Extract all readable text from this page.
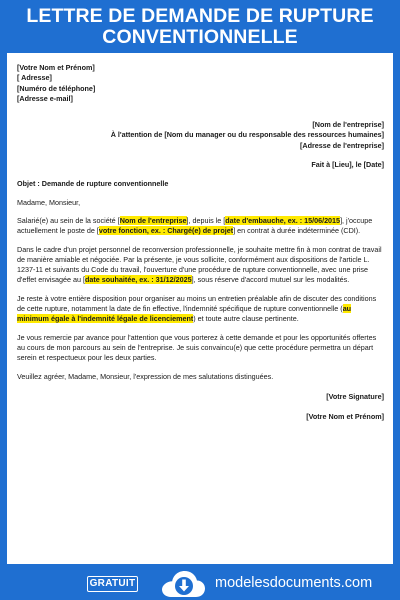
LETTRE DE DEMANDE DE RUPTURE
CONVENTIONNELLE
[Votre Nom et Prénom]
[ Adresse]
[Numéro de téléphone]
[Adresse e-mail]
[Nom de l'entreprise]
À l'attention de [Nom du manager ou du responsable des ressources humaines]
[Adresse de l'entreprise]
Fait à [Lieu], le [Date]
Objet : Demande de rupture conventionnelle

Madame, Monsieur,

Salarié(e) au sein de la société [Nom de l'entreprise], depuis le [date d'embauche, ex. : 15/06/2015], j'occupe actuellement le poste de [votre fonction, ex. : Chargé(e) de projet] en contrat à durée indéterminée (CDI).

Dans le cadre d'un projet personnel de reconversion professionnelle, je souhaite mettre fin à mon contrat de travail de manière amiable et négociée. Par la présente, je vous sollicite, conformément aux dispositions de l'article L. 1237-11 et suivants du Code du travail, l'ouverture d'une procédure de rupture conventionnelle, avec une prise d'effet envisagée au [date souhaitée, ex. : 31/12/2025], sous réserve d'accord mutuel sur les modalités.

Je reste à votre entière disposition pour organiser au moins un entretien préalable afin de discuter des conditions de cette rupture, notamment la date de fin effective, l'indemnité spécifique de rupture conventionnelle (au minimum égale à l'indemnité légale de licenciement) et toute autre clause pertinente.

Je vous remercie par avance pour l'attention que vous porterez à cette demande et pour les opportunités offertes au cours de mon parcours au sein de l'entreprise. Je suis convaincu(e) que cette procédure permettra un départ serein et respectueux pour les deux parties.

Veuillez agréer, Madame, Monsieur, l'expression de mes salutations distinguées.

[Votre Signature]
[Votre Nom et Prénom]
GRATUIT	modelesdocuments.com
